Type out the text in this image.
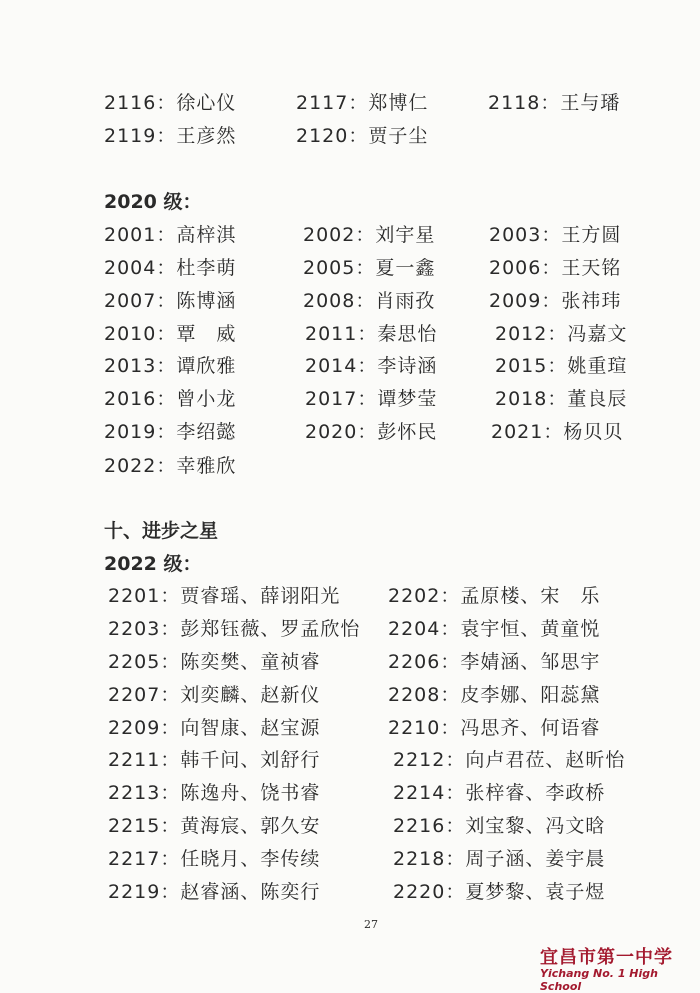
2116：徐心仪	2117：郑博仁	2118：王与璠
2119：王彦然	2120：贾子尘
2020 级：
2001：高梓淇	2002：刘宇星	2003：王方圆
2004：杜李萌	2005：夏一鑫	2006：王天铭
2007：陈博涵	2008：肖雨孜	2009：张祎玮
2010：覃　威	2011：秦思怡	2012：冯嘉文
2013：谭欣雅	2014：李诗涵	2015：姚重瑄
2016：曾小龙	2017：谭梦莹	2018：董良辰
2019：李绍懿	2020：彭怀民	2021：杨贝贝
2022：幸雅欣
十、进步之星
2022 级：
2201：贾睿瑶、薛诩阳光	2202：孟原楼、宋　乐
2203：彭郑钰薇、罗孟欣怡 2204：袁宇恒、黄童悦
2205：陈奕樊、童祯睿	2206：李婧涵、邹思宇
2207：刘奕麟、赵新仪	2208：皮李娜、阳蕊黛
2209：向智康、赵宝源	2210：冯思齐、何语睿
2211：韩千问、刘舒行	2212：向卢君莅、赵昕怡
2213：陈逸舟、饶书睿	2214：张梓睿、李政桥
2215：黄海宸、郭久安	2216：刘宝黎、冯文晗
2217：任晓月、李传续	2218：周子涵、姜宇晨
2219：赵睿涵、陈奕行	2220：夏梦黎、袁子煜
27
宜昌市第一中学
Yichang No. 1 High School
